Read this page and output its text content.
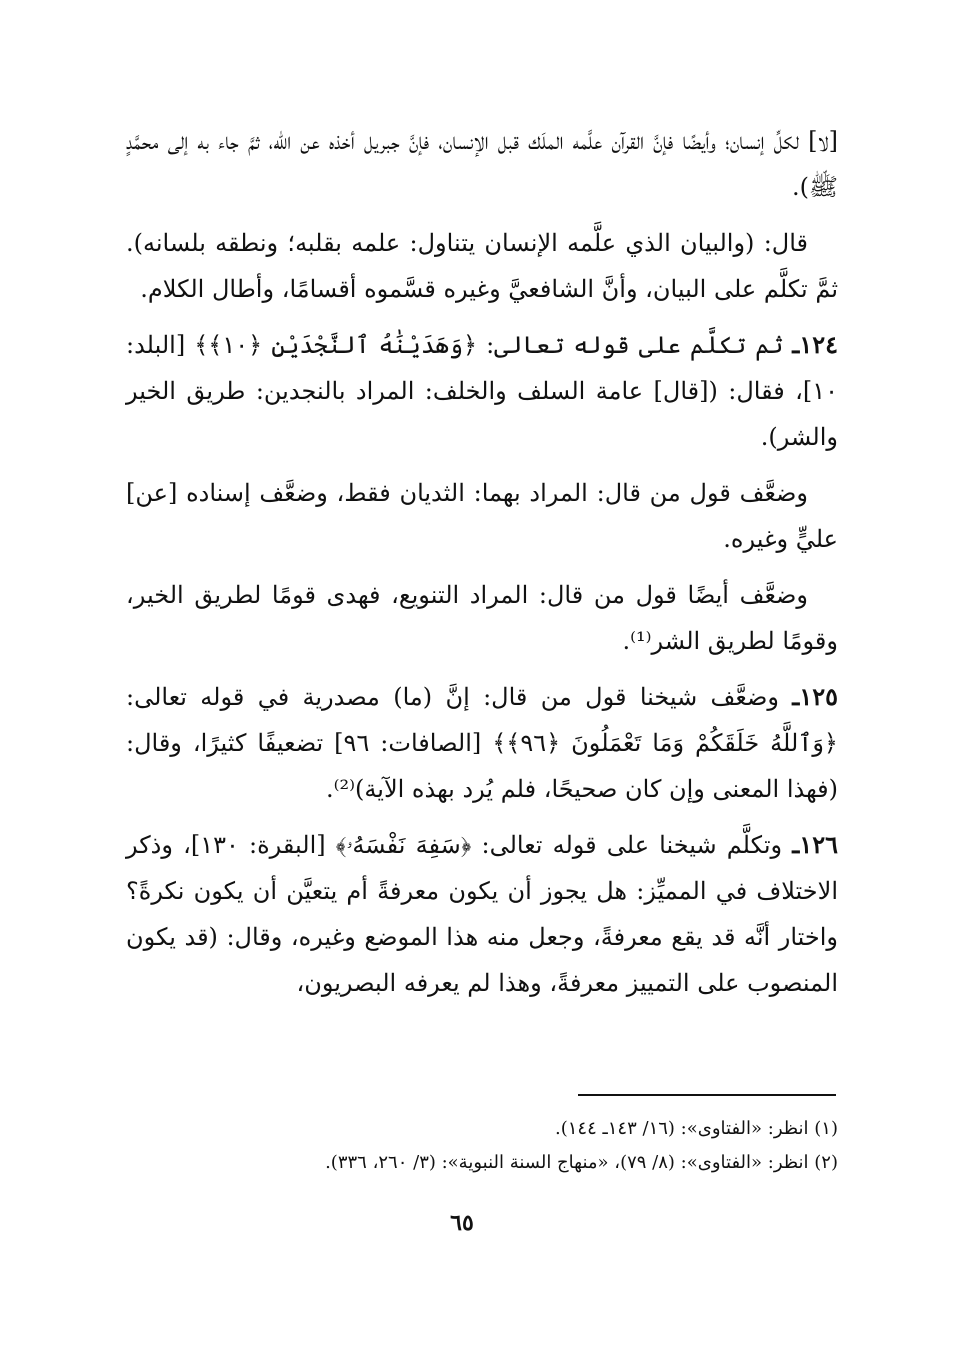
[لا] لكلِّ إنسان؛ وأيضًا فإنَّ القرآن علَّمه الملَك قبل الإنسان، فإنَّ جبريل أخذه عن الله، ثمَّ جاء به إلى محمَّدٍ ﷺ).

قال: (والبيان الذي علَّمه الإنسان يتناول: علمه بقلبه؛ ونطقه بلسانه). ثمَّ تكلَّم على البيان، وأنَّ الشافعيَّ وغيره قسَّموه أقسامًا، وأطال الكلام.

١٢٤ـ ثم تكلَّم على قوله تعالى: ﴿وَهَدَيْنَٰهُ ٱلنَّجْدَيْنِ ﴿١٠﴾﴾ [البلد: ١٠]، فقال: ([قال] عامة السلف والخلف: المراد بالنجدين: طريق الخير والشر).

وضعَّف قول من قال: المراد بهما: الثديان فقط، وضعَّف إسناده [عن] عليٍّ وغيره.

وضعَّف أيضًا قول من قال: المراد التنويع، فهدى قومًا لطريق الخير، وقومًا لطريق الشر⁽¹⁾.

١٢٥ـ وضعَّف شيخنا قول من قال: إنَّ (ما) مصدرية في قوله تعالى: ﴿وَٱللَّهُ خَلَقَكُمْ وَمَا تَعْمَلُونَ ﴿٩٦﴾﴾ [الصافات: ٩٦] تضعيفًا كثيرًا، وقال: (فهذا المعنى وإن كان صحيحًا، فلم يُرد بهذه الآية)⁽²⁾.

١٢٦ـ وتكلَّم شيخنا على قوله تعالى: ﴿سَفِهَ نَفْسَهُۥ﴾ [البقرة: ١٣٠]، وذكر الاختلاف في المميِّز: هل يجوز أن يكون معرفةً أم يتعيَّن أن يكون نكرةً؟ واختار أنَّه قد يقع معرفةً، وجعل منه هذا الموضع وغيره، وقال: (قد يكون المنصوب على التمييز معرفةً، وهذا لم يعرفه البصريون،

(١) انظر: «الفتاوى»: (١٦/ ١٤٣ـ ١٤٤).

(٢) انظر: «الفتاوى»: (٨/ ٧٩)، «منهاج السنة النبوية»: (٣/ ٢٦٠، ٣٣٦).

٦٥
